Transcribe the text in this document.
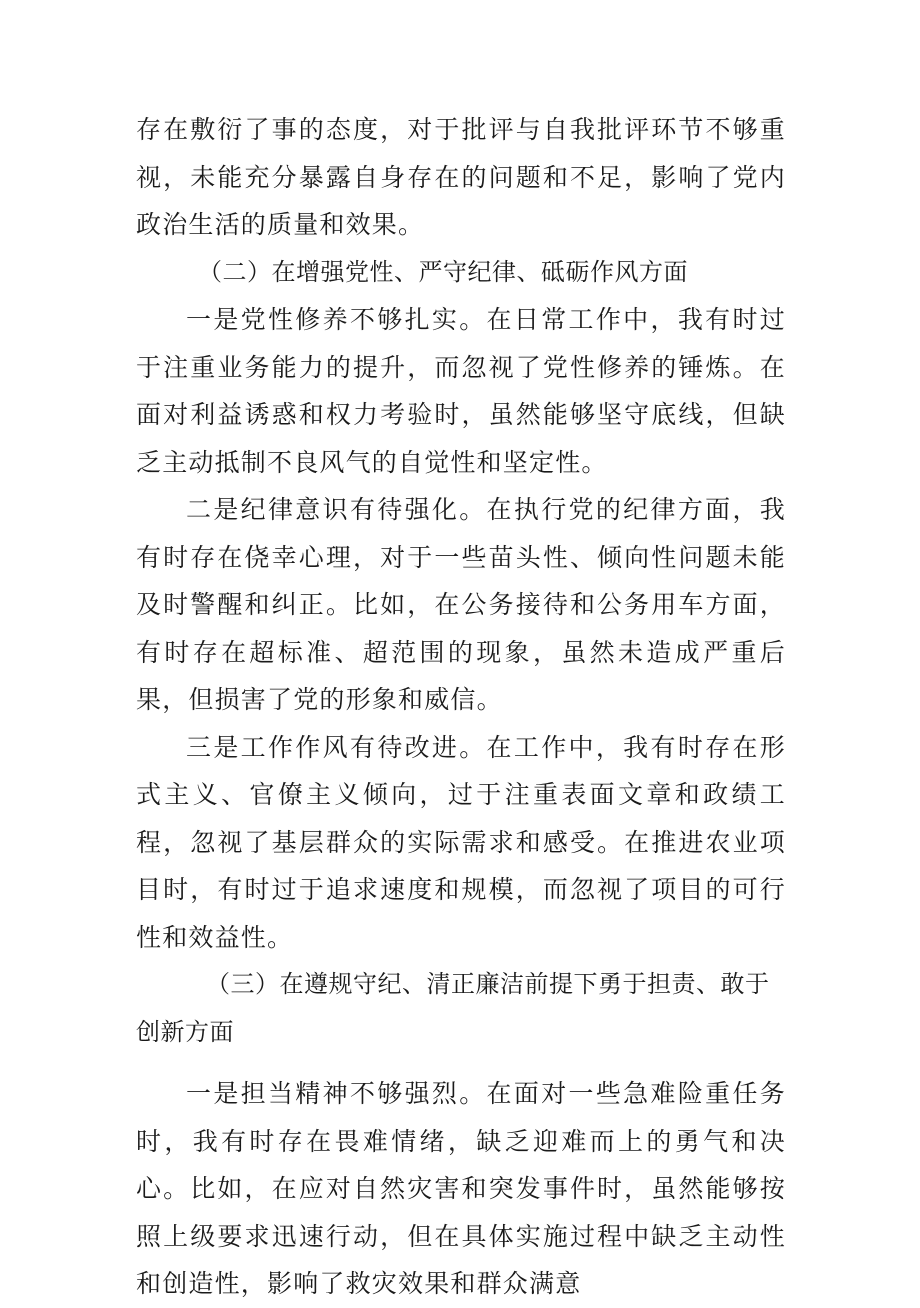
存在敷衍了事的态度，对于批评与自我批评环节不够重视，未能充分暴露自身存在的问题和不足，影响了党内政治生活的质量和效果。

（二）在增强党性、严守纪律、砥砺作风方面

一是党性修养不够扎实。在日常工作中，我有时过于注重业务能力的提升，而忽视了党性修养的锤炼。在面对利益诱惑和权力考验时，虽然能够坚守底线，但缺乏主动抵制不良风气的自觉性和坚定性。

二是纪律意识有待强化。在执行党的纪律方面，我有时存在侥幸心理，对于一些苗头性、倾向性问题未能及时警醒和纠正。比如，在公务接待和公务用车方面，有时存在超标准、超范围的现象，虽然未造成严重后果，但损害了党的形象和威信。

三是工作作风有待改进。在工作中，我有时存在形式主义、官僚主义倾向，过于注重表面文章和政绩工程，忽视了基层群众的实际需求和感受。在推进农业项目时，有时过于追求速度和规模，而忽视了项目的可行性和效益性。

（三）在遵规守纪、清正廉洁前提下勇于担责、敢于创新方面

一是担当精神不够强烈。在面对一些急难险重任务时，我有时存在畏难情绪，缺乏迎难而上的勇气和决心。比如，在应对自然灾害和突发事件时，虽然能够按照上级要求迅速行动，但在具体实施过程中缺乏主动性和创造性，影响了救灾效果和群众满意
